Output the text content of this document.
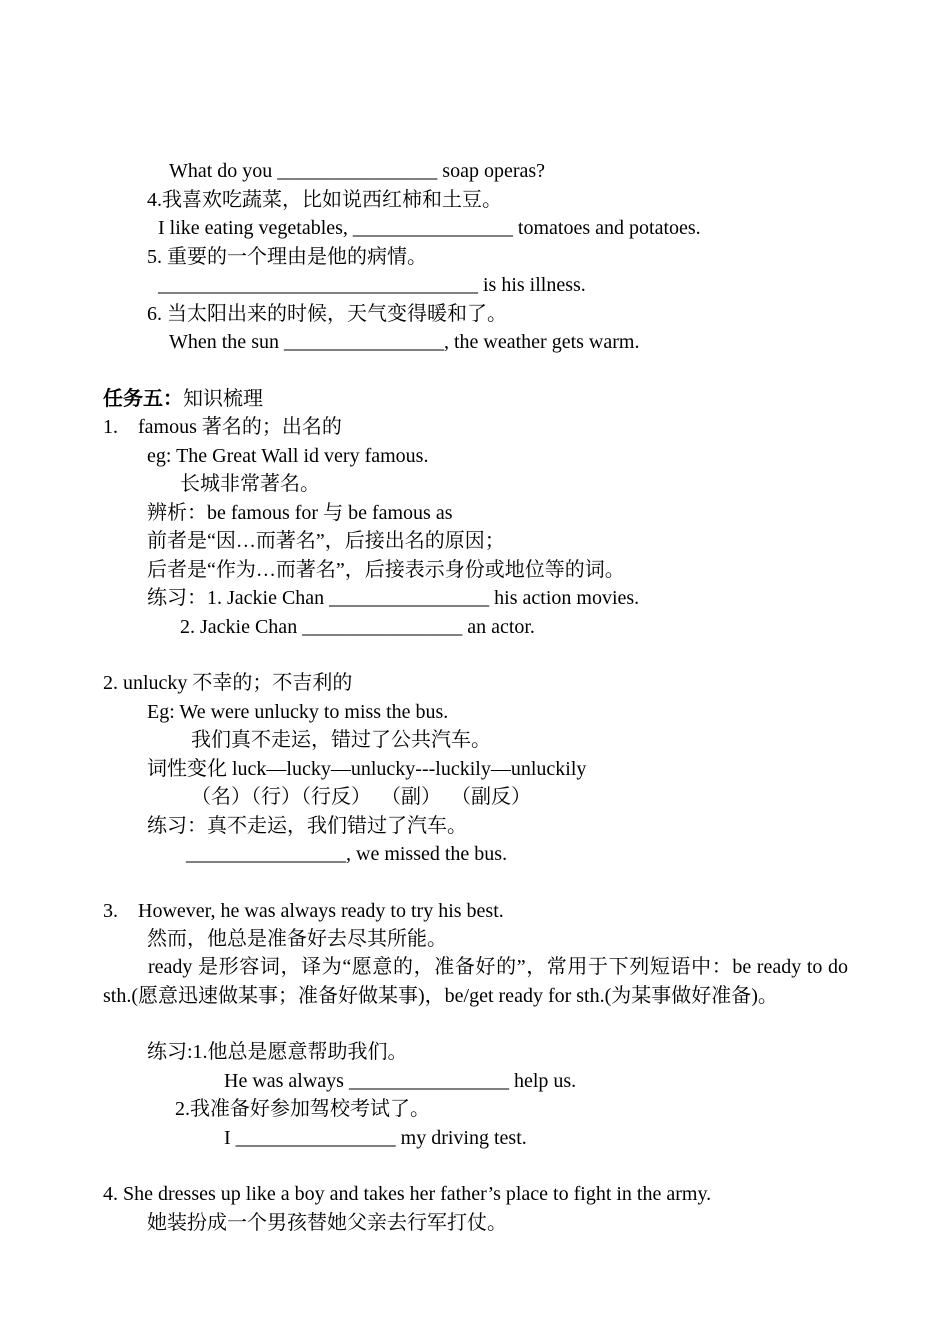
What do you ________________ soap operas?
4.我喜欢吃蔬菜，比如说西红柿和土豆。
I like eating vegetables, ________________ tomatoes and potatoes.
5. 重要的一个理由是他的病情。
________________________________ is his illness.
6. 当太阳出来的时候，天气变得暖和了。
When the sun ________________, the weather gets warm.
任务五：知识梳理
1.    famous 著名的；出名的
eg: The Great Wall id very famous.
长城非常著名。
辨析：be famous for 与 be famous as
前者是“因…而著名”，后接出名的原因；
后者是“作为…而著名”，后接表示身份或地位等的词。
练习：1. Jackie Chan ________________ his action movies.
2. Jackie Chan ________________ an actor.
2. unlucky 不幸的；不吉利的
Eg: We were unlucky to miss the bus.
我们真不走运，错过了公共汽车。
词性变化 luck—lucky—unlucky---luckily—unluckily
（名）（行）（行反）  （副）  （副反）
练习：真不走运，我们错过了汽车。
________________, we missed the bus.
3.    However, he was always ready to try his best.
然而，他总是准备好去尽其所能。
ready 是形容词，译为“愿意的，准备好的”，常用于下列短语中：be ready to do sth.(愿意迅速做某事；准备好做某事)，be/get ready for sth.(为某事做好准备)。
练习:1.他总是愿意帮助我们。
He was always ________________ help us.
2.我准备好参加驾校考试了。
I ________________ my driving test.
4. She dresses up like a boy and takes her father’s place to fight in the army.
她装扮成一个男孩替她父亲去行军打仗。
